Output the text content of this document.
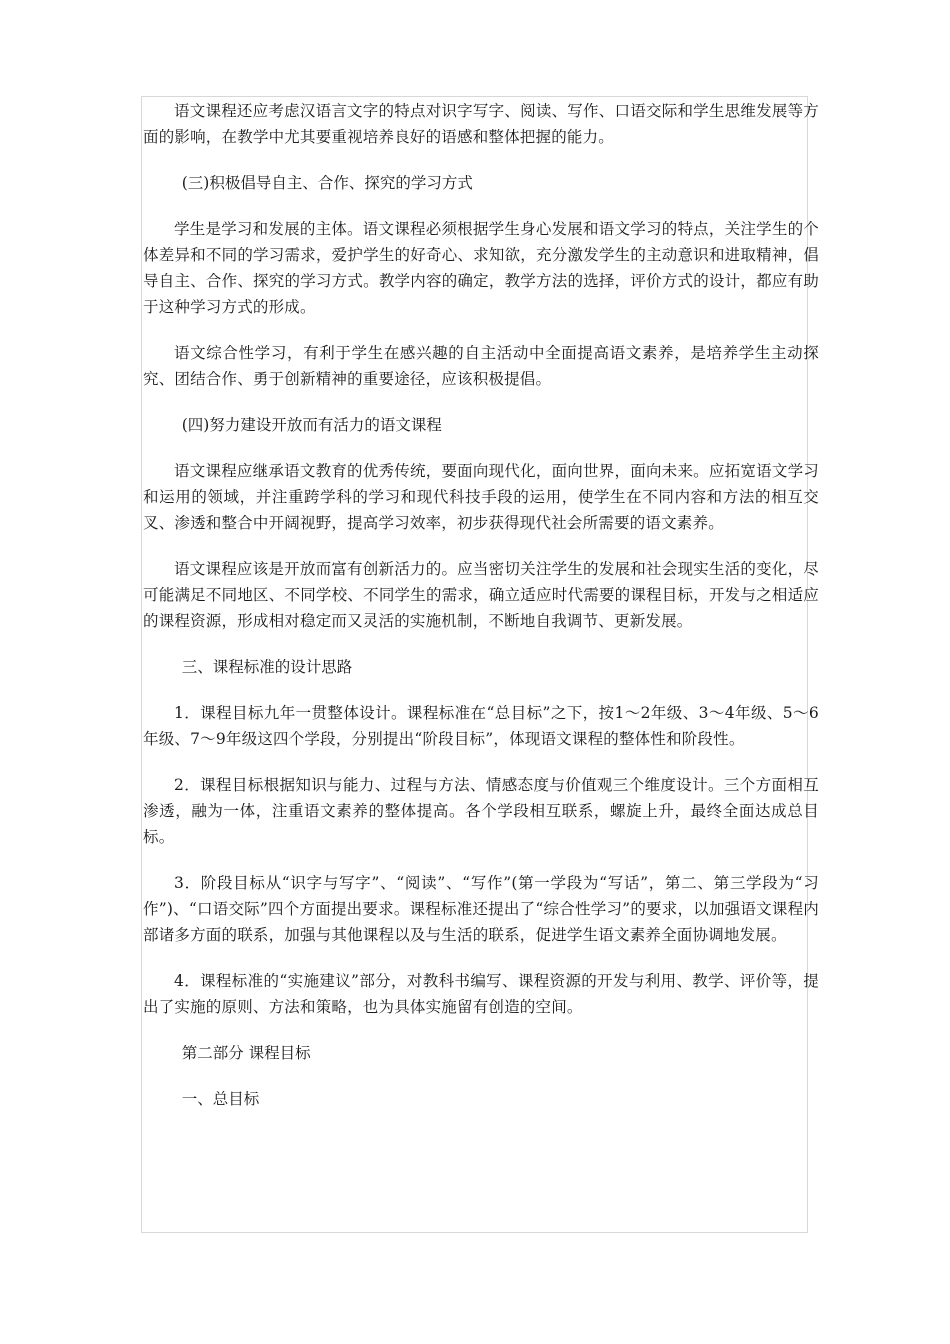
语文课程还应考虑汉语言文字的特点对识字写字、阅读、写作、口语交际和学生思维发展等方面的影响，在教学中尤其要重视培养良好的语感和整体把握的能力。

(三)积极倡导自主、合作、探究的学习方式

学生是学习和发展的主体。语文课程必须根据学生身心发展和语文学习的特点，关注学生的个体差异和不同的学习需求，爱护学生的好奇心、求知欲，充分激发学生的主动意识和进取精神，倡导自主、合作、探究的学习方式。教学内容的确定，教学方法的选择，评价方式的设计，都应有助于这种学习方式的形成。

语文综合性学习，有利于学生在感兴趣的自主活动中全面提高语文素养，是培养学生主动探究、团结合作、勇于创新精神的重要途径，应该积极提倡。

(四)努力建设开放而有活力的语文课程

语文课程应继承语文教育的优秀传统，要面向现代化，面向世界，面向未来。应拓宽语文学习和运用的领域，并注重跨学科的学习和现代科技手段的运用，使学生在不同内容和方法的相互交叉、渗透和整合中开阔视野，提高学习效率，初步获得现代社会所需要的语文素养。

语文课程应该是开放而富有创新活力的。应当密切关注学生的发展和社会现实生活的变化，尽可能满足不同地区、不同学校、不同学生的需求，确立适应时代需要的课程目标，开发与之相适应的课程资源，形成相对稳定而又灵活的实施机制，不断地自我调节、更新发展。

三、课程标准的设计思路

1．课程目标九年一贯整体设计。课程标准在“总目标”之下，按1～2年级、3～4年级、5～6年级、7～9年级这四个学段，分别提出“阶段目标”，体现语文课程的整体性和阶段性。

2．课程目标根据知识与能力、过程与方法、情感态度与价值观三个维度设计。三个方面相互渗透，融为一体，注重语文素养的整体提高。各个学段相互联系，螺旋上升，最终全面达成总目标。

3．阶段目标从“识字与写字”、“阅读”、“写作”(第一学段为“写话”，第二、第三学段为“习作”)、“口语交际”四个方面提出要求。课程标准还提出了“综合性学习”的要求，以加强语文课程内部诸多方面的联系，加强与其他课程以及与生活的联系，促进学生语文素养全面协调地发展。

4．课程标准的“实施建议”部分，对教科书编写、课程资源的开发与利用、教学、评价等，提出了实施的原则、方法和策略，也为具体实施留有创造的空间。

第二部分 课程目标

一、总目标
